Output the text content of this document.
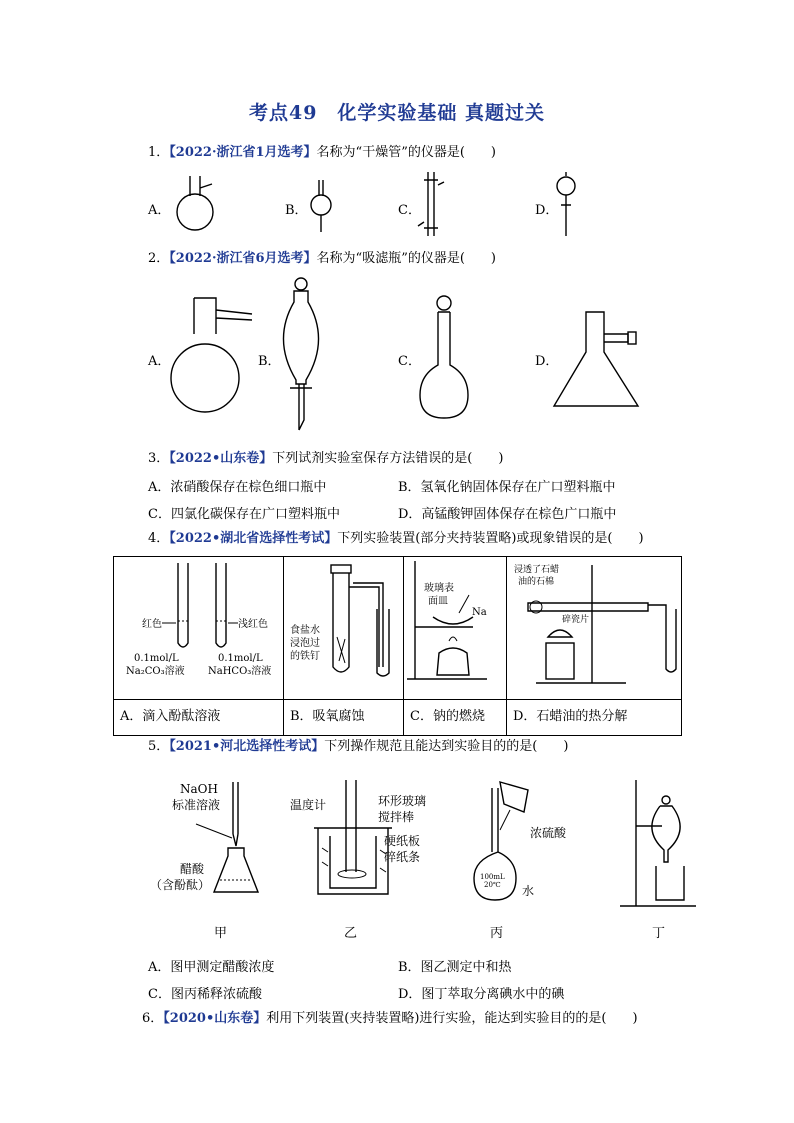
考点49　化学实验基础 真题过关
1．【2022·浙江省1月选考】名称为“干燥管”的仪器是(　　)
A．	B．	C．	D．
2．【2022·浙江省6月选考】名称为“吸滤瓶”的仪器是(　　)
A．	B．	C．	D．
3．【2022•山东卷】下列试剂实验室保存方法错误的是(　　)
A．浓硝酸保存在棕色细口瓶中	B．氢氧化钠固体保存在广口塑料瓶中
C．四氯化碳保存在广口塑料瓶中	D．高锰酸钾固体保存在棕色广口瓶中
4．【2022•湖北省选择性考试】下列实验装置(部分夹持装置略)或现象错误的是(　　)
红色	浅红色
0.1mol/L
Na₂CO₃溶液
0.1mol/L
NaHCO₃溶液
食盐水
浸泡过
的铁钉
玻璃表
面皿
Na
浸透了石蜡
油的石棉
碎瓷片
A．滴入酚酞溶液	B．吸氧腐蚀	C．钠的燃烧 D．石蜡油的热分解
5．【2021•河北选择性考试】下列操作规范且能达到实验目的的是(　　)
NaOH
标准溶液
醋酸
（含酚酞）
温度计	环形玻璃
搅拌棒
硬纸板
碎纸条
浓硫酸
水
100mL
20℃
甲	乙	丙	丁
A．图甲测定醋酸浓度	B．图乙测定中和热
C．图丙稀释浓硫酸	D．图丁萃取分离碘水中的碘
6．【2020•山东卷】利用下列装置(夹持装置略)进行实验，能达到实验目的的是(　　)
